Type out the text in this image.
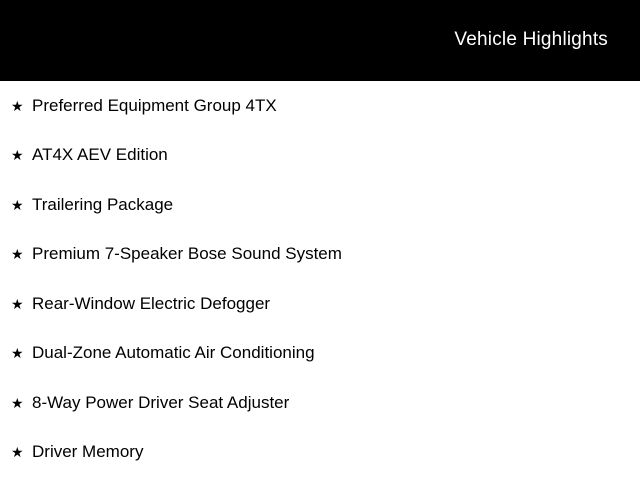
Vehicle Highlights
★ Preferred Equipment Group 4TX
★ AT4X AEV Edition
★ Trailering Package
★ Premium 7-Speaker Bose Sound System
★ Rear-Window Electric Defogger
★ Dual-Zone Automatic Air Conditioning
★ 8-Way Power Driver Seat Adjuster
★ Driver Memory
